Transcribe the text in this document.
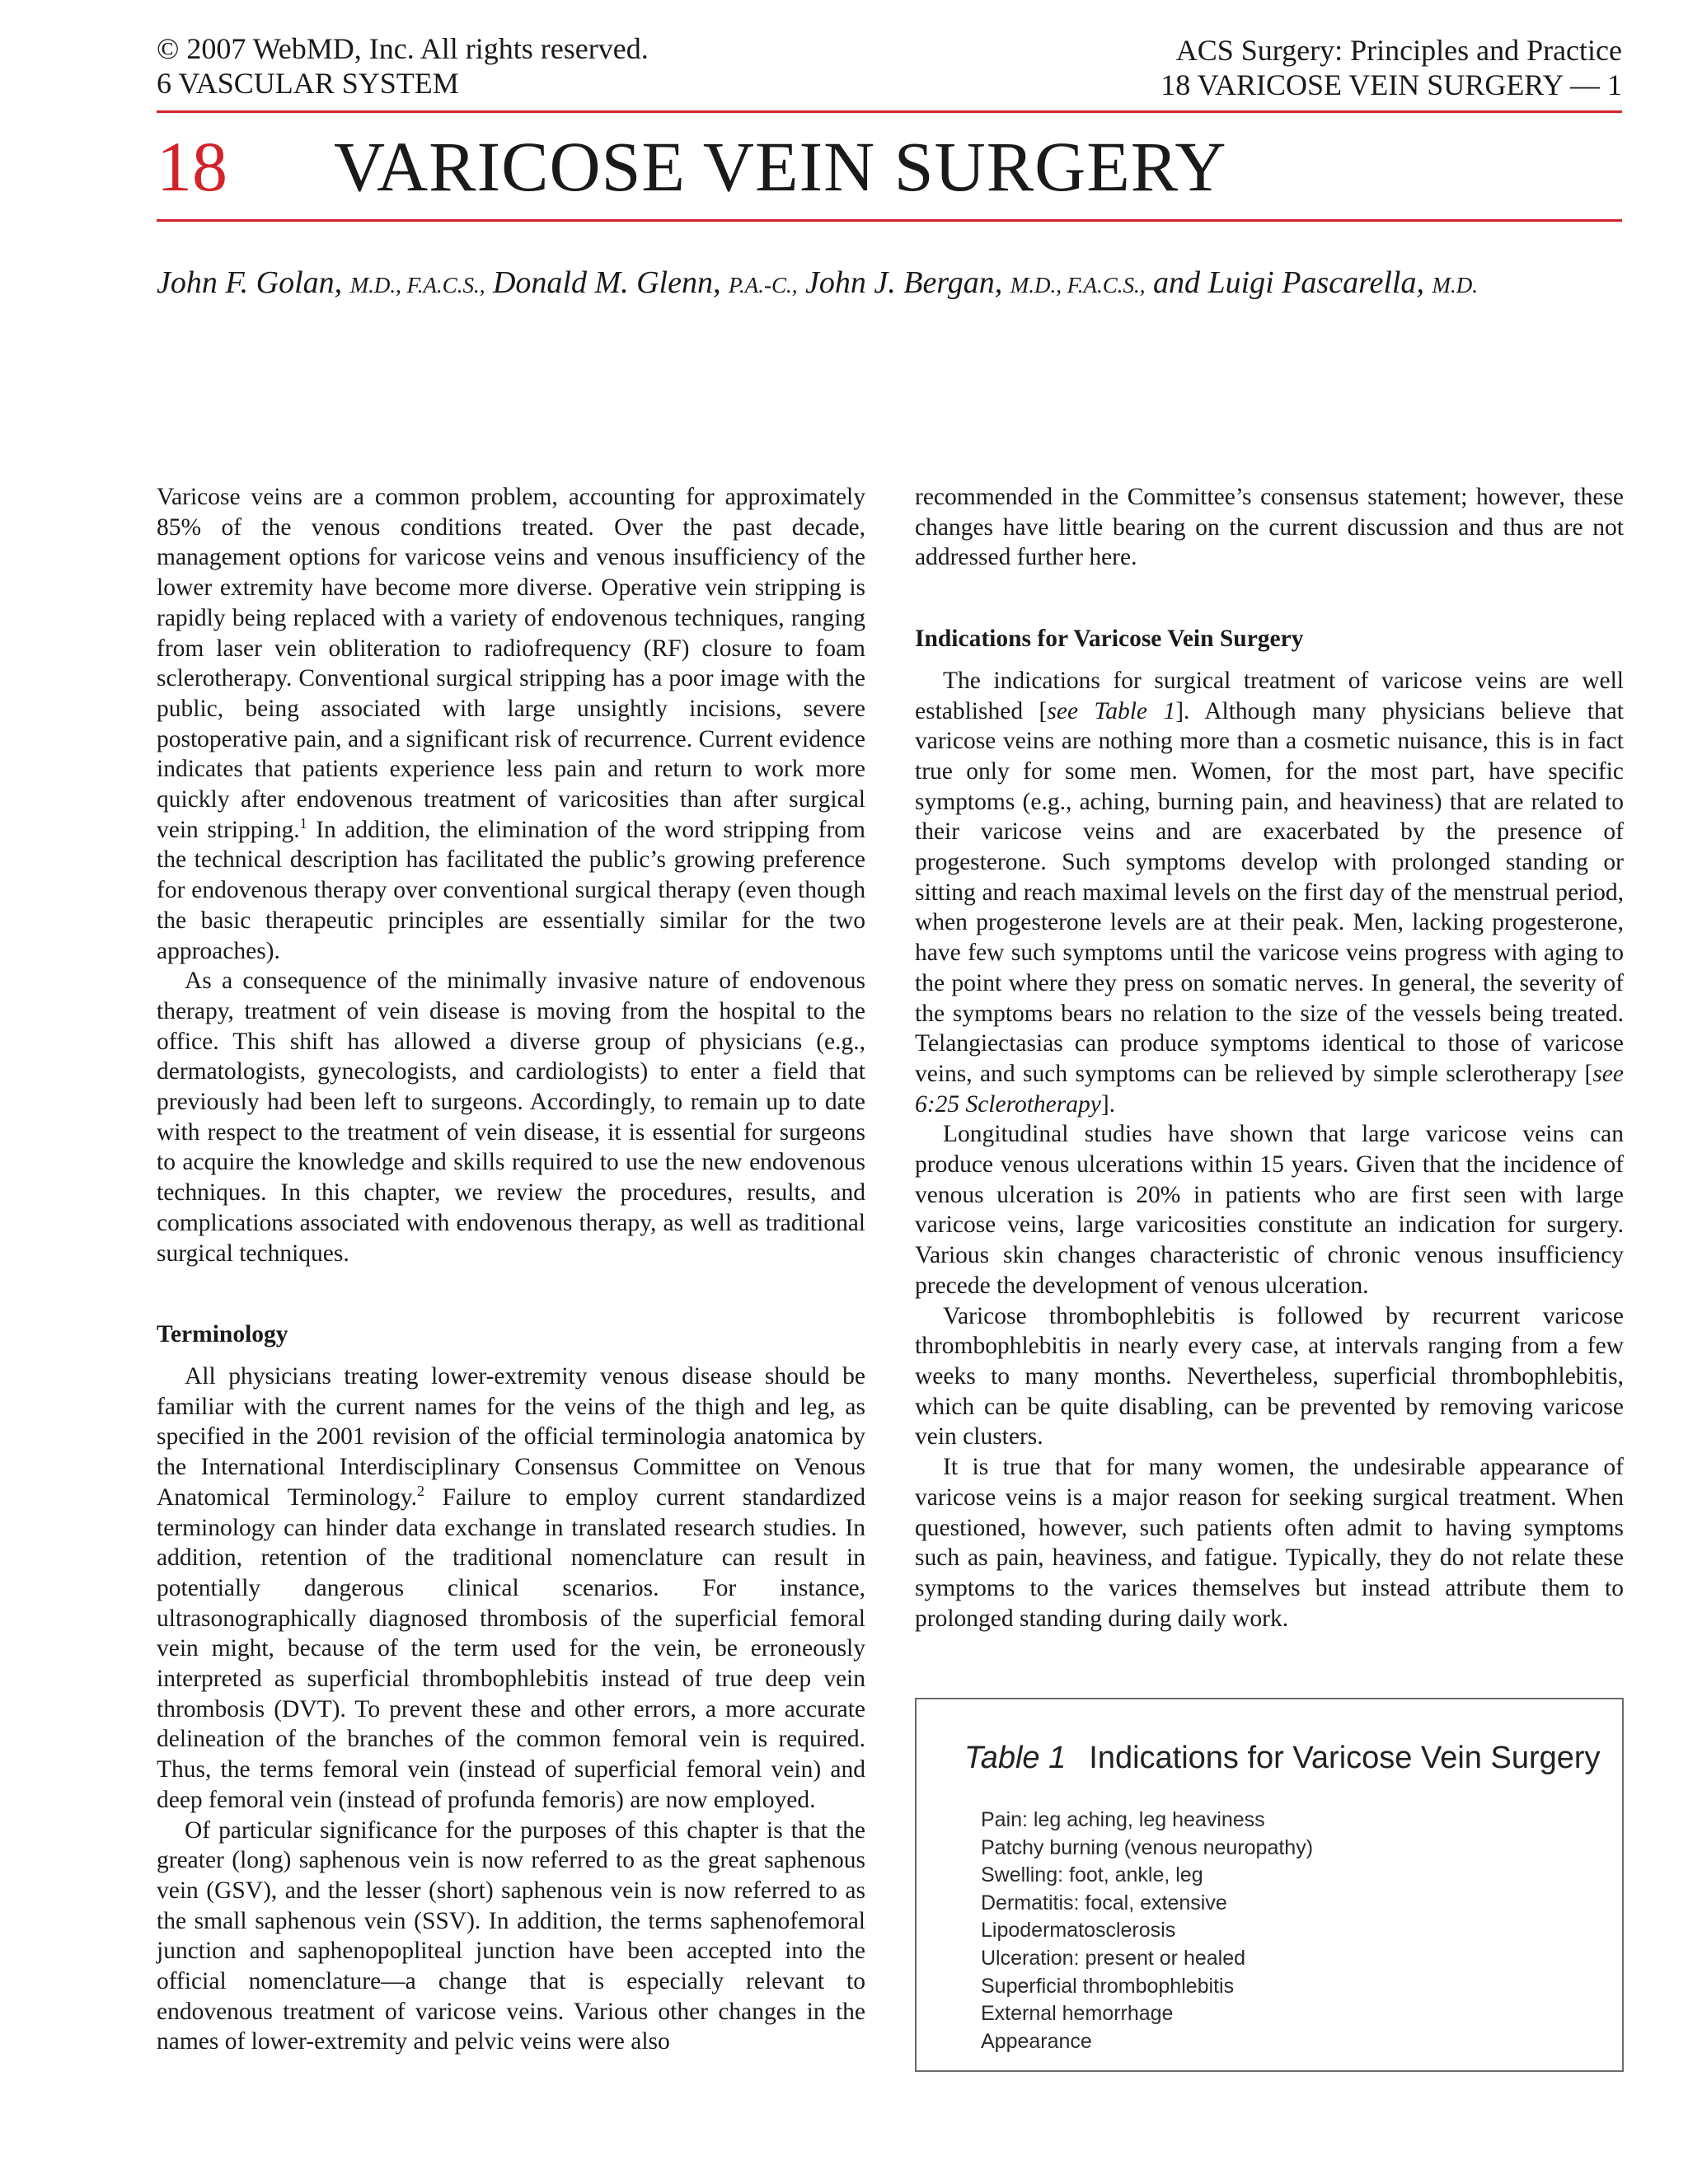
© 2007 WebMD, Inc. All rights reserved.
6 VASCULAR SYSTEM
ACS Surgery: Principles and Practice
18 VARICOSE VEIN SURGERY — 1
18 VARICOSE VEIN SURGERY
John F. Golan, M.D., F.A.C.S., Donald M. Glenn, P.A.-C., John J. Bergan, M.D., F.A.C.S., and Luigi Pascarella, M.D.

Varicose veins are a common problem, accounting for approximately 85% of the venous conditions treated. Over the past decade, management options for varicose veins and venous insufficiency of the lower extremity have become more diverse. Operative vein stripping is rapidly being replaced with a variety of endovenous techniques, ranging from laser vein obliteration to radiofrequency (RF) closure to foam sclerotherapy. Conventional surgical stripping has a poor image with the public, being associated with large unsightly incisions, severe postoperative pain, and a significant risk of recurrence. Current evidence indicates that patients experience less pain and return to work more quickly after endovenous treatment of varicosities than after surgical vein stripping.$^1$ In addition, the elimination of the word stripping from the technical description has facilitated the public’s growing preference for endovenous therapy over conventional surgical therapy (even though the basic therapeutic principles are essentially similar for the two approaches).

As a consequence of the minimally invasive nature of endovenous therapy, treatment of vein disease is moving from the hospital to the office. This shift has allowed a diverse group of physicians (e.g., dermatologists, gynecologists, and cardiologists) to enter a field that previously had been left to surgeons. Accordingly, to remain up to date with respect to the treatment of vein disease, it is essential for surgeons to acquire the knowledge and skills required to use the new endovenous techniques. In this chapter, we review the procedures, results, and complications associated with endovenous therapy, as well as traditional surgical techniques.

Terminology

All physicians treating lower-extremity venous disease should be familiar with the current names for the veins of the thigh and leg, as specified in the 2001 revision of the official terminologia anatomica by the International Interdisciplinary Consensus Committee on Venous Anatomical Terminology.$^2$ Failure to employ current standardized terminology can hinder data exchange in translated research studies. In addition, retention of the traditional nomenclature can result in potentially dangerous clinical scenarios. For instance, ultrasonographically diagnosed thrombosis of the superficial femoral vein might, because of the term used for the vein, be erroneously interpreted as superficial thrombophlebitis instead of true deep vein thrombosis (DVT). To prevent these and other errors, a more accurate delineation of the branches of the common femoral vein is required. Thus, the terms femoral vein (instead of superficial femoral vein) and deep femoral vein (instead of profunda femoris) are now employed.

Of particular significance for the purposes of this chapter is that the greater (long) saphenous vein is now referred to as the great saphenous vein (GSV), and the lesser (short) saphenous vein is now referred to as the small saphenous vein (SSV). In addition, the terms saphenofemoral junction and saphenopopliteal junction have been accepted into the official nomenclature—a change that is especially relevant to endovenous treatment of varicose veins. Various other changes in the names of lower-extremity and pelvic veins were also

recommended in the Committee’s consensus statement; however, these changes have little bearing on the current discussion and thus are not addressed further here.

Indications for Varicose Vein Surgery

The indications for surgical treatment of varicose veins are well established [see Table 1]. Although many physicians believe that varicose veins are nothing more than a cosmetic nuisance, this is in fact true only for some men. Women, for the most part, have specific symptoms (e.g., aching, burning pain, and heaviness) that are related to their varicose veins and are exacerbated by the presence of progesterone. Such symptoms develop with prolonged standing or sitting and reach maximal levels on the first day of the menstrual period, when progesterone levels are at their peak. Men, lacking progesterone, have few such symptoms until the varicose veins progress with aging to the point where they press on somatic nerves. In general, the severity of the symptoms bears no relation to the size of the vessels being treated. Telangiectasias can produce symptoms identical to those of varicose veins, and such symptoms can be relieved by simple sclerotherapy [see 6:25 Sclerotherapy].

Longitudinal studies have shown that large varicose veins can produce venous ulcerations within 15 years. Given that the incidence of venous ulceration is 20% in patients who are first seen with large varicose veins, large varicosities constitute an indication for surgery. Various skin changes characteristic of chronic venous insufficiency precede the development of venous ulceration.

Varicose thrombophlebitis is followed by recurrent varicose thrombophlebitis in nearly every case, at intervals ranging from a few weeks to many months. Nevertheless, superficial thrombophlebitis, which can be quite disabling, can be prevented by removing varicose vein clusters.

It is true that for many women, the undesirable appearance of varicose veins is a major reason for seeking surgical treatment. When questioned, however, such patients often admit to having symptoms such as pain, heaviness, and fatigue. Typically, they do not relate these symptoms to the varices themselves but instead attribute them to prolonged standing during daily work.

Table 1 Indications for Varicose Vein Surgery
Pain: leg aching, leg heaviness
Patchy burning (venous neuropathy)
Swelling: foot, ankle, leg
Dermatitis: focal, extensive
Lipodermatosclerosis
Ulceration: present or healed
Superficial thrombophlebitis
External hemorrhage
Appearance
